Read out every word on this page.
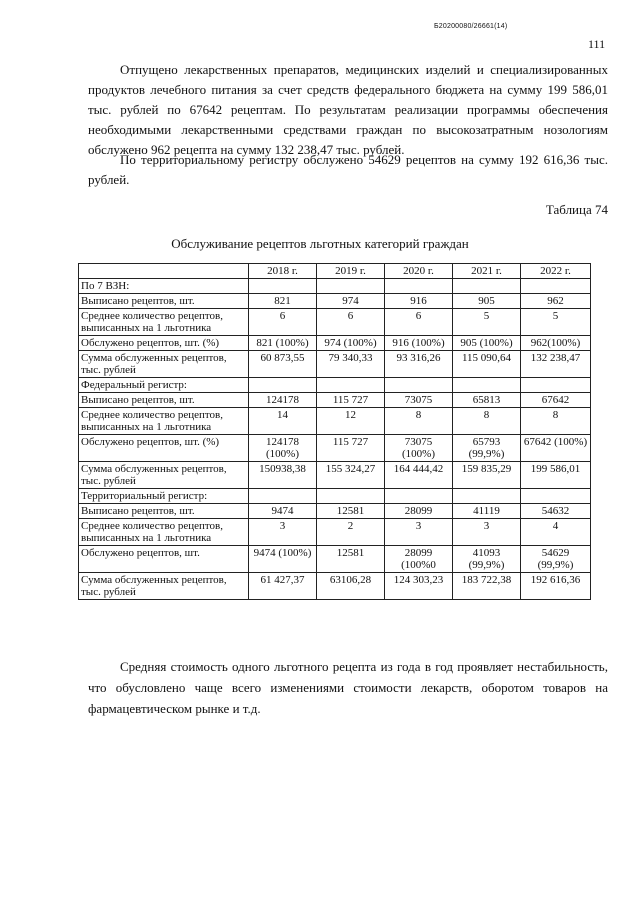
Б20200080/26661(14)
111

Отпущено лекарственных препаратов, медицинских изделий и специализированных продуктов лечебного питания за счет средств федерального бюджета на сумму 199 586,01 тыс. рублей по 67642 рецептам. По результатам реализации программы обеспечения необходимыми лекарственными средствами граждан по высокозатратным нозологиям обслужено 962 рецепта на сумму 132 238,47 тыс. рублей.

По территориальному регистру обслужено 54629 рецептов на сумму 192 616,36 тыс. рублей.

Таблица 74
Обслуживание рецептов льготных категорий граждан
	2018 г.	2019 г.	2020 г.	2021 г.	2022 г.
По 7 ВЗН:					
Выписано рецептов, шт.	821	974	916	905	962
Среднее количество рецептов, выписанных на 1 льготника	6	6	6	5	5
Обслужено рецептов, шт. (%)	821 (100%)	974 (100%)	916 (100%)	905 (100%)	962(100%)
Сумма обслуженных рецептов, тыс. рублей	60 873,55	79 340,33	93 316,26	115 090,64	132 238,47
Федеральный регистр:					
Выписано рецептов, шт.	124178	115 727	73075	65813	67642
Среднее количество рецептов, выписанных на 1 льготника	14	12	8	8	8
Обслужено рецептов, шт. (%)	124178 (100%)	115 727	73075 (100%)	65793 (99,9%)	67642 (100%)
Сумма обслуженных рецептов, тыс. рублей	150938,38	155 324,27	164 444,42	159 835,29	199 586,01
Территориальный регистр:					
Выписано рецептов, шт.	9474	12581	28099	41119	54632
Среднее количество рецептов, выписанных на 1 льготника	3	2	3	3	4
Обслужено рецептов, шт.	9474 (100%)	12581	28099 (100%0	41093 (99,9%)	54629 (99,9%)
Сумма обслуженных рецептов, тыс. рублей	61 427,37	63106,28	124 303,23	183 722,38	192 616,36

Средняя стоимость одного льготного рецепта из года в год проявляет нестабильность, что обусловлено чаще всего изменениями стоимости лекарств, оборотом товаров на фармацевтическом рынке и т.д.
